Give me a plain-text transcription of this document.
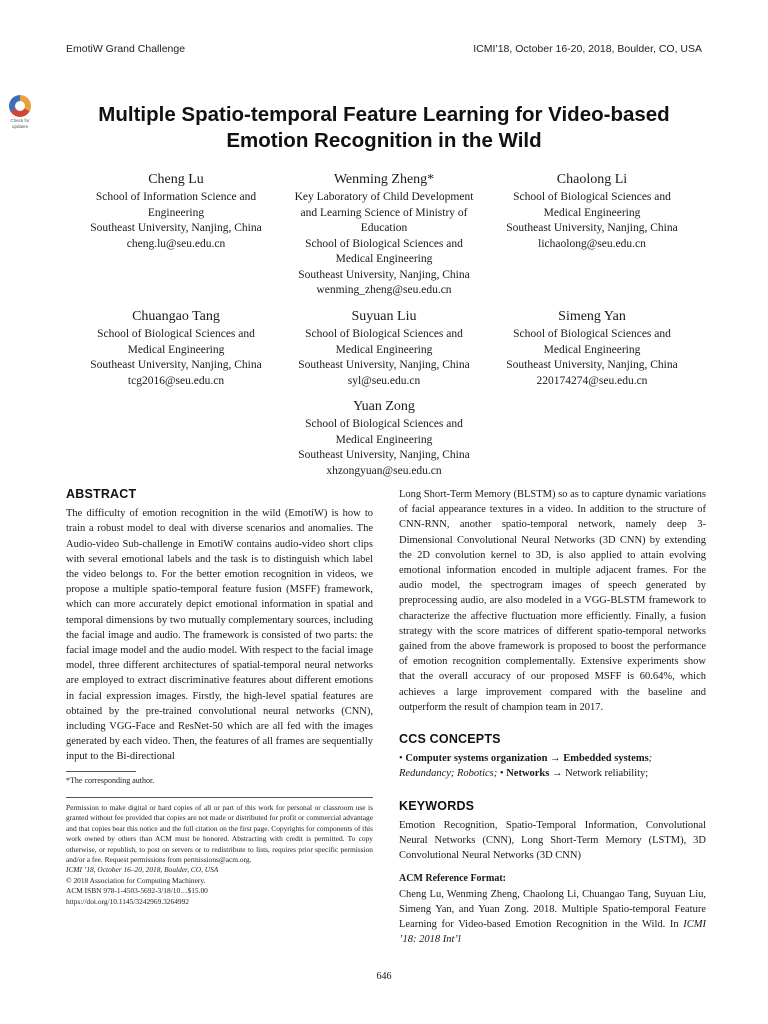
EmotiW Grand Challenge	ICMI’18, October 16-20, 2018, Boulder, CO, USA
Check for
updates
Multiple Spatio-temporal Feature Learning for Video-based
Emotion Recognition in the Wild
Cheng Lu
School of Information Science and
Engineering
Southeast University, Nanjing, China
cheng.lu@seu.edu.cn
Wenming Zheng*
Key Laboratory of Child Development
and Learning Science of Ministry of
Education
School of Biological Sciences and
Medical Engineering
Southeast University, Nanjing, China
wenming_zheng@seu.edu.cn
Chaolong Li
School of Biological Sciences and
Medical Engineering
Southeast University, Nanjing, China
lichaolong@seu.edu.cn
Chuangao Tang
School of Biological Sciences and
Medical Engineering
Southeast University, Nanjing, China
tcg2016@seu.edu.cn
Suyuan Liu
School of Biological Sciences and
Medical Engineering
Southeast University, Nanjing, China
syl@seu.edu.cn
Simeng Yan
School of Biological Sciences and
Medical Engineering
Southeast University, Nanjing, China
220174274@seu.edu.cn
Yuan Zong
School of Biological Sciences and
Medical Engineering
Southeast University, Nanjing, China
xhzongyuan@seu.edu.cn
ABSTRACT

The difficulty of emotion recognition in the wild (EmotiW) is how to train a robust model to deal with diverse scenarios and anomalies. The Audio-video Sub-challenge in EmotiW contains audio-video short clips with several emotional labels and the task is to distinguish which label the video belongs to. For the better emotion recognition in videos, we propose a multiple spatio-temporal feature fusion (MSFF) framework, which can more accurately depict emotional information in spatial and temporal dimensions by two mutually complementary sources, including the facial image and audio. The framework is consisted of two parts: the facial image model and the audio model. With respect to the facial image model, three different architectures of spatial-temporal neural networks are employed to extract discriminative features about different emotions in facial expression images. Firstly, the high-level spatial features are obtained by the pre-trained convolutional neural networks (CNN), including VGG-Face and ResNet-50 which are all fed with the images generated by each video. Then, the features of all frames are sequentially input to the Bi-directional

*The corresponding author.
Permission to make digital or hard copies of all or part of this work for personal or classroom use is granted without fee provided that copies are not made or distributed for profit or commercial advantage and that copies bear this notice and the full citation on the first page. Copyrights for components of this work owned by others than ACM must be honored. Abstracting with credit is permitted. To copy otherwise, or republish, to post on servers or to redistribute to lists, requires prior specific permission and/or a fee. Request permissions from permissions@acm.org.
ICMI ’18, October 16–20, 2018, Boulder, CO, USA
© 2018 Association for Computing Machinery.
ACM ISBN 978-1-4503-5692-3/18/10…$15.00
https://doi.org/10.1145/3242969.3264992

Long Short-Term Memory (BLSTM) so as to capture dynamic variations of facial appearance textures in a video. In addition to the structure of CNN-RNN, another spatio-temporal network, namely deep 3-Dimensional Convolutional Neural Networks (3D CNN) by extending the 2D convolution kernel to 3D, is also applied to attain evolving emotional information encoded in multiple adjacent frames. For the audio model, the spectrogram images of speech generated by preprocessing audio, are also modeled in a VGG-BLSTM framework to characterize the affective fluctuation more efficiently. Finally, a fusion strategy with the score matrices of different spatio-temporal networks gained from the above framework is proposed to boost the performance of emotion recognition complementally. Extensive experiments show that the overall accuracy of our proposed MSFF is 60.64%, which achieves a large improvement compared with the baseline and outperform the result of champion team in 2017.

CCS CONCEPTS

• Computer systems organization → Embedded systems; Redundancy; Robotics; • Networks → Network reliability;

KEYWORDS

Emotion Recognition, Spatio-Temporal Information, Convolutional Neural Networks (CNN), Long Short-Term Memory (LSTM), 3D Convolutional Neural Networks (3D CNN)

ACM Reference Format:

Cheng Lu, Wenming Zheng, Chaolong Li, Chuangao Tang, Suyuan Liu, Simeng Yan, and Yuan Zong. 2018. Multiple Spatio-temporal Feature Learning for Video-based Emotion Recognition in the Wild. In ICMI ’18: 2018 Int’l

646
